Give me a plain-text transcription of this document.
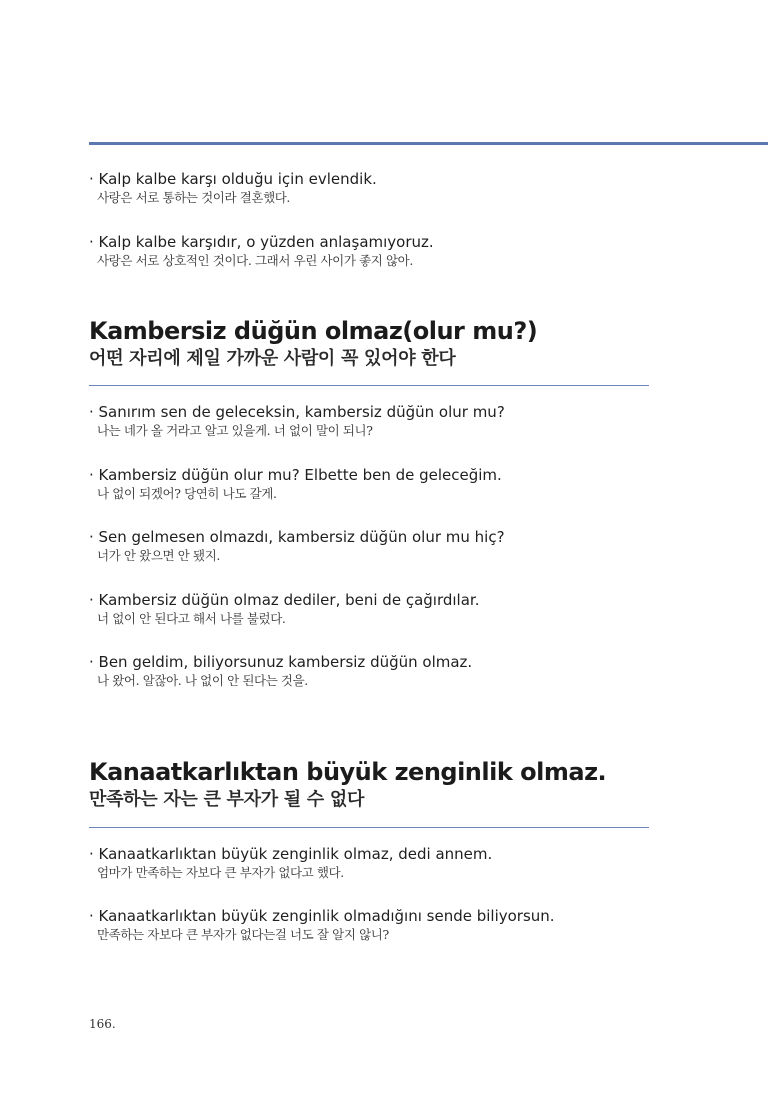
· Kalp kalbe karşı olduğu için evlendik.
사랑은 서로 통하는 것이라 결혼했다.
· Kalp kalbe karşıdır, o yüzden anlaşamıyoruz.
사랑은 서로 상호적인 것이다. 그래서 우린 사이가 좋지 않아.
Kambersiz düğün olmaz(olur mu?)
어떤 자리에 제일 가까운 사람이 꼭 있어야 한다
· Sanırım sen de geleceksin, kambersiz düğün olur mu?
나는 네가 올 거라고 알고 있을게. 너 없이 말이 되니?
· Kambersiz düğün olur mu? Elbette ben de geleceğim.
나 없이 되겠어? 당연히 나도 갈게.
· Sen gelmesen olmazdı, kambersiz düğün olur mu hiç?
너가 안 왔으면 안 됐지.
· Kambersiz düğün olmaz dediler, beni de çağırdılar.
너 없이 안 된다고 해서 나를 불렀다.
· Ben geldim, biliyorsunuz kambersiz düğün olmaz.
나 왔어. 알잖아. 나 없이 안 된다는 것을.
Kanaatkarlıktan büyük zenginlik olmaz.
만족하는 자는 큰 부자가 될 수 없다
· Kanaatkarlıktan büyük zenginlik olmaz, dedi annem.
엄마가 만족하는 자보다 큰 부자가 없다고 했다.
· Kanaatkarlıktan büyük zenginlik olmadığını sende biliyorsun.
만족하는 자보다 큰 부자가 없다는걸 너도 잘 알지 않니?
166.
